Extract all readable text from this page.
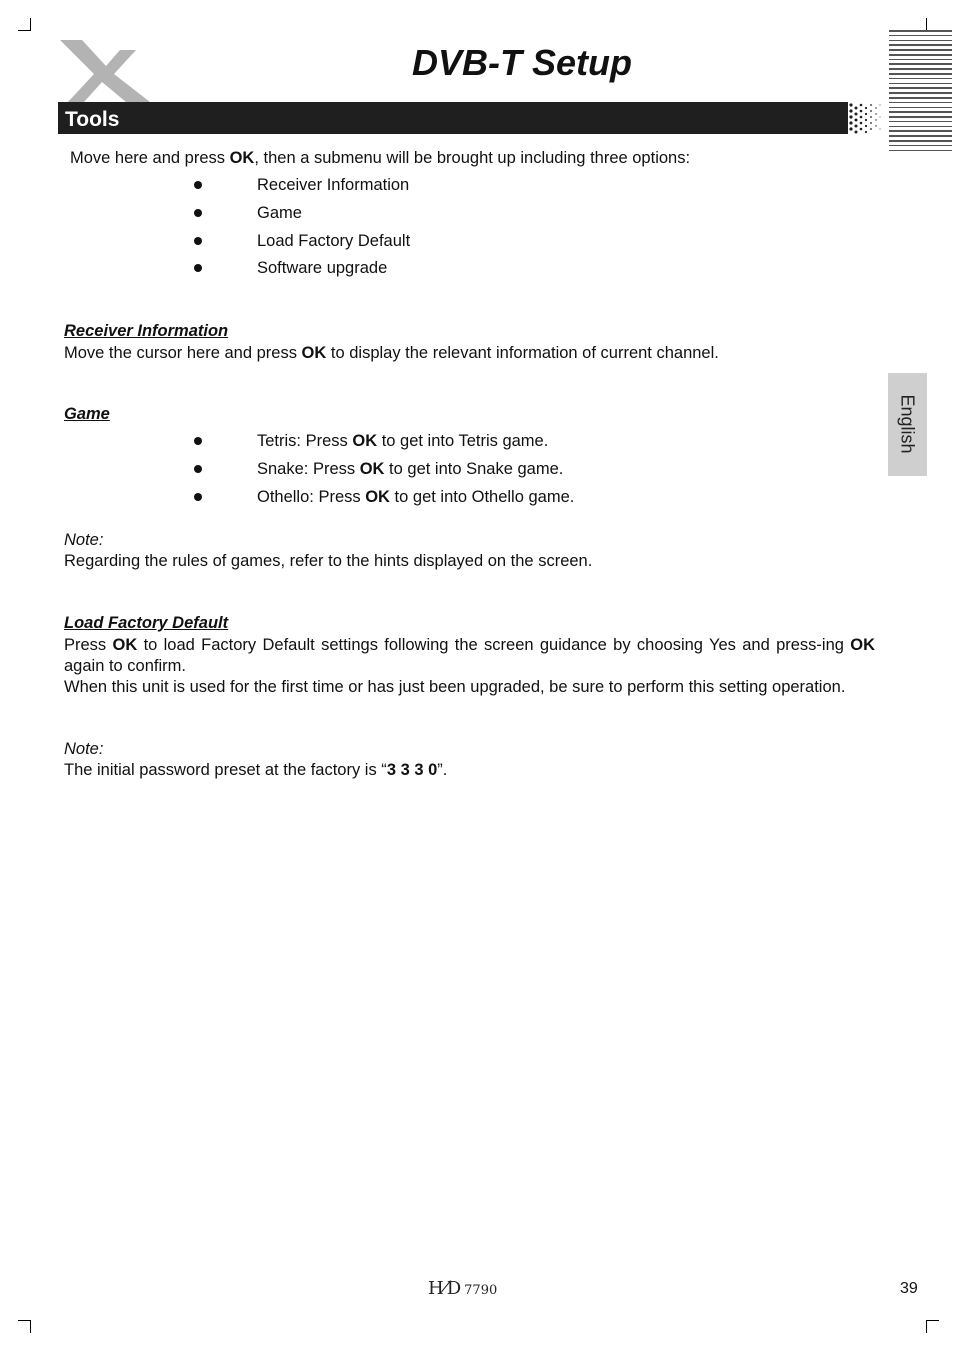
DVB-T Setup
Tools
English
Move here and press OK, then a submenu will be brought up including three options:
Receiver Information
Game
Load Factory Default
Software upgrade
Receiver Information
Move the cursor here and press OK to display the relevant information of current channel.
Game
Tetris: Press OK to get into Tetris game.
Snake: Press OK to get into Snake game.
Othello: Press OK to get into Othello game.
Note:
Regarding the rules of games, refer to the hints displayed on the screen.
Load Factory Default
Press OK to load Factory Default settings following the screen guidance by choosing Yes and press-ing OK again to confirm.
When this unit is used for the first time or has just been upgraded, be sure to perform this setting operation.
Note:
The initial password preset at the factory is “3 3 3 0”.
H⁄D 7790	39
